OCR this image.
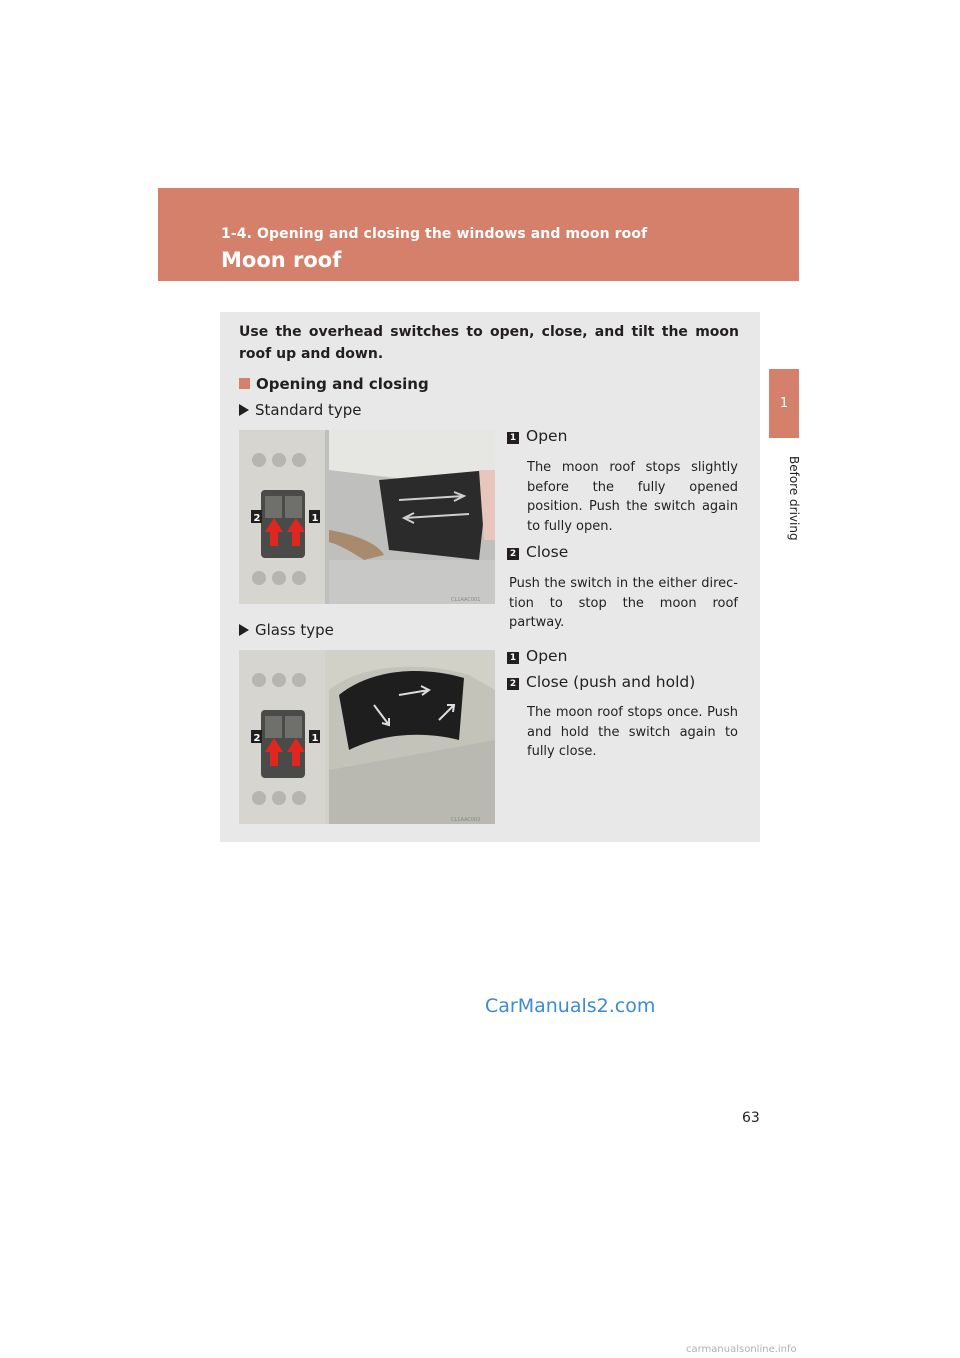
1-4. Opening and closing the windows and moon roof
Moon roof
1
Before driving
Use the overhead switches to open, close, and tilt the moon roof up and down.
Opening and closing
Standard type
2	1
CL1AAC001
1 Open
The moon roof stops slightly before the fully opened position. Push the switch again to fully open.
2 Close
Push the switch in the either direc-tion to stop the moon roof partway.
Glass type
2	1
CL1AAC002
1 Open
2 Close (push and hold)
The moon roof stops once. Push and hold the switch again to fully close.
CarManuals2.com
63
carmanualsonline.info
